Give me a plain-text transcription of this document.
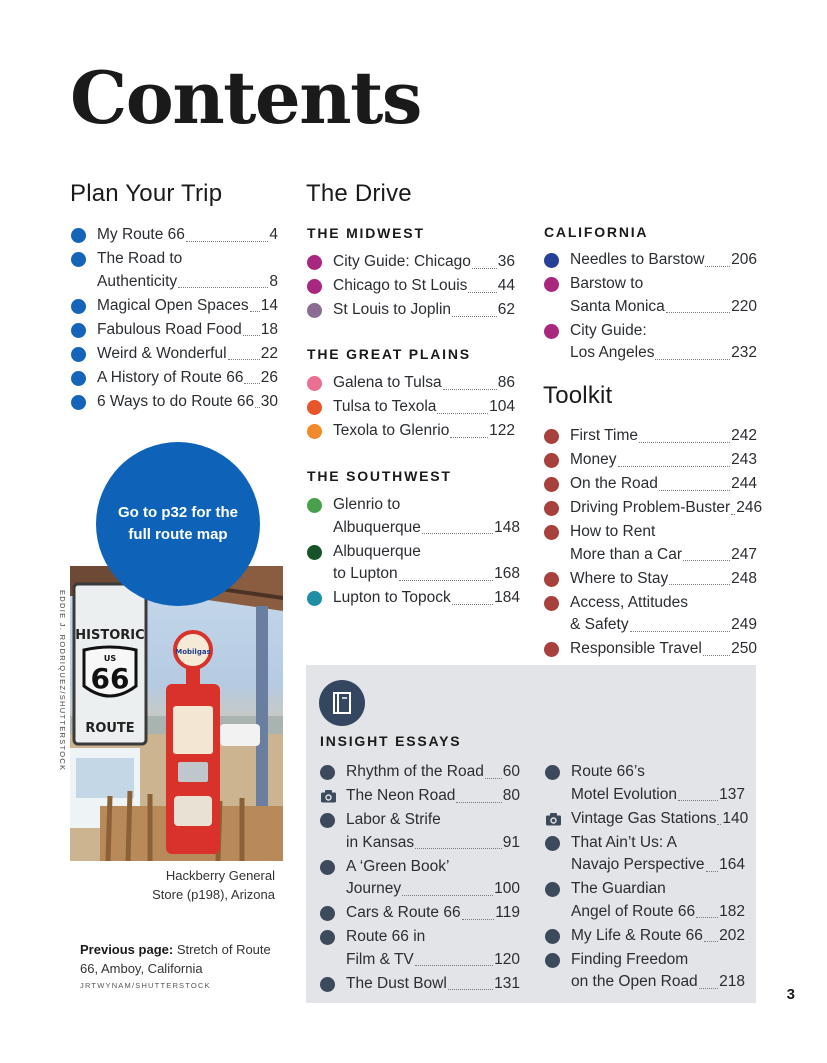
Contents
Plan Your Trip
My Route 66	4
The Road to
Authenticity	8
Magical Open Spaces 14
Fabulous Road Food 18
Weird & Wonderful 22
A History of Route 66 26
6 Ways to do Route 66 30
The Drive
THE MIDWEST
City Guide: Chicago 36
Chicago to St Louis 44
St Louis to Joplin	62
THE GREAT PLAINS
Galena to Tulsa	86
Tulsa to Texola	104
Texola to Glenrio	122
THE SOUTHWEST
Glenrio to
Albuquerque	148
Albuquerque
to Lupton	168
Lupton to Topock	184
CALIFORNIA
Needles to Barstow 206
Barstow to
Santa Monica	220
City Guide:
Los Angeles	232
Toolkit
First Time	242
Money	243
On the Road	244
Driving Problem-Buster 246
How to Rent
More than a Car	247
Where to Stay	248
Access, Attitudes
& Safety	249
Responsible Travel 250
Go to p32 for the full route map
EDDIE J. RODRIQUEZ/SHUTTERSTOCK HISTORIC
US
66
ROUTE
Mobilgas
Hackberry General
Store (p198), Arizona
Previous page: Stretch of Route 66, Amboy, California
JRTWYNAM/SHUTTERSTOCK
INSIGHT ESSAYS
Rhythm of the Road 60
The Neon Road	80
Labor & Strife
in Kansas	91
A ‘Green Book’
Journey	100
Cars & Route 66 119
Route 66 in
Film & TV	120
The Dust Bowl	131
Route 66’s
Motel Evolution	137
Vintage Gas Stations 140
That Ain’t Us: A
Navajo Perspective 164
The Guardian
Angel of Route 66 182
My Life & Route 66 202
Finding Freedom
on the Open Road 218
3
